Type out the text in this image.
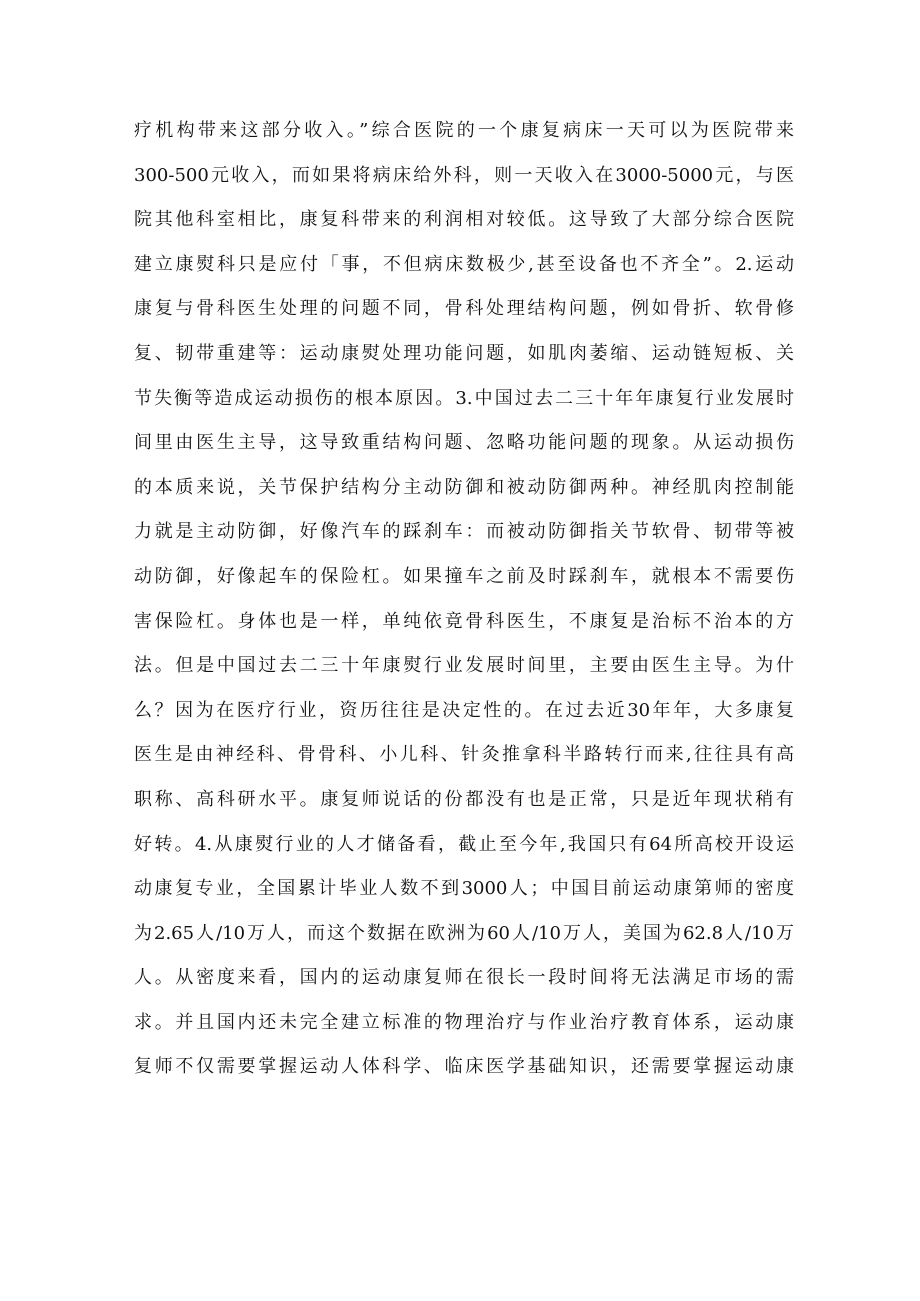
疗机构带来这部分收入。”综合医院的一个康复病床一天可以为医院带来
300-500元收入，而如果将病床给外科，则一天收入在3000-5000元，与医
院其他科室相比，康复科带来的利润相对较低。这导致了大部分综合医院
建立康熨科只是应付「事，不但病床数极少,甚至设备也不齐全”。2.运动
康复与骨科医生处理的问题不同，骨科处理结构问题，例如骨折、软骨修
复、韧带重建等：运动康熨处理功能问题，如肌肉萎缩、运动链短板、关
节失衡等造成运动损伤的根本原因。3.中国过去二三十年年康复行业发展时
间里由医生主导，这导致重结构问题、忽略功能问题的现象。从运动损伤
的本质来说，关节保护结构分主动防御和被动防御两种。神经肌肉控制能
力就是主动防御，好像汽车的踩刹车：而被动防御指关节软骨、韧带等被
动防御，好像起车的保险杠。如果撞车之前及时踩刹车，就根本不需要伤
害保险杠。身体也是一样，单纯依竟骨科医生，不康复是治标不治本的方
法。但是中国过去二三十年康熨行业发展时间里，主要由医生主导。为什
么？因为在医疗行业，资历往往是决定性的。在过去近30年年，大多康复
医生是由神经科、骨骨科、小儿科、针灸推拿科半路转行而来,往往具有高
职称、高科研水平。康复师说话的份都没有也是正常，只是近年现状稍有
好转。4.从康熨行业的人才储备看，截止至今年,我国只有64所高校开设运
动康复专业，全国累计毕业人数不到3000人；中国目前运动康第师的密度
为2.65人/10万人，而这个数据在欧洲为60人/10万人，美国为62.8人/10万
人。从密度来看，国内的运动康复师在很长一段时间将无法满足市场的需
求。并且国内还未完全建立标准的物理治疗与作业治疗教育体系，运动康
复师不仅需要掌握运动人体科学、临床医学基础知识，还需要掌握运动康
